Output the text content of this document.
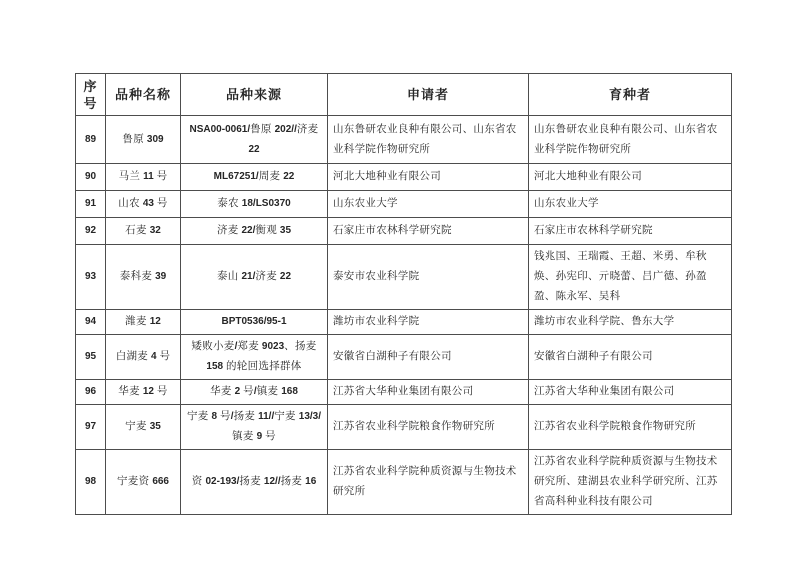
序号	品种名称	品种来源	申请者	育种者
89	鲁原 309	NSA00-0061/鲁原 202//济麦 22	山东鲁研农业良种有限公司、山东省农业科学院作物研究所	山东鲁研农业良种有限公司、山东省农业科学院作物研究所
90	马兰 11 号	ML67251/周麦 22	河北大地种业有限公司	河北大地种业有限公司
91	山农 43 号	泰农 18/LS0370	山东农业大学	山东农业大学
92	石麦 32	济麦 22/衡观 35	石家庄市农林科学研究院	石家庄市农林科学研究院
93	泰科麦 39	泰山 21/济麦 22	泰安市农业科学院	钱兆国、王瑞霞、王超、米勇、牟秋焕、孙宪印、亓晓蕾、吕广德、孙盈盈、陈永军、吴科
94	潍麦 12	BPT0536/95-1	潍坊市农业科学院	潍坊市农业科学院、鲁东大学
95	白湖麦 4 号	矮败小麦/郑麦 9023、扬麦 158 的轮回选择群体	安徽省白湖种子有限公司	安徽省白湖种子有限公司
96	华麦 12 号	华麦 2 号/镇麦 168	江苏省大华种业集团有限公司	江苏省大华种业集团有限公司
97	宁麦 35	宁麦 8 号/扬麦 11//宁麦 13/3/镇麦 9 号	江苏省农业科学院粮食作物研究所	江苏省农业科学院粮食作物研究所
98	宁麦资 666	资 02-193/扬麦 12//扬麦 16	江苏省农业科学院种质资源与生物技术研究所	江苏省农业科学院种质资源与生物技术研究所、建湖县农业科学研究所、江苏省高科种业科技有限公司
